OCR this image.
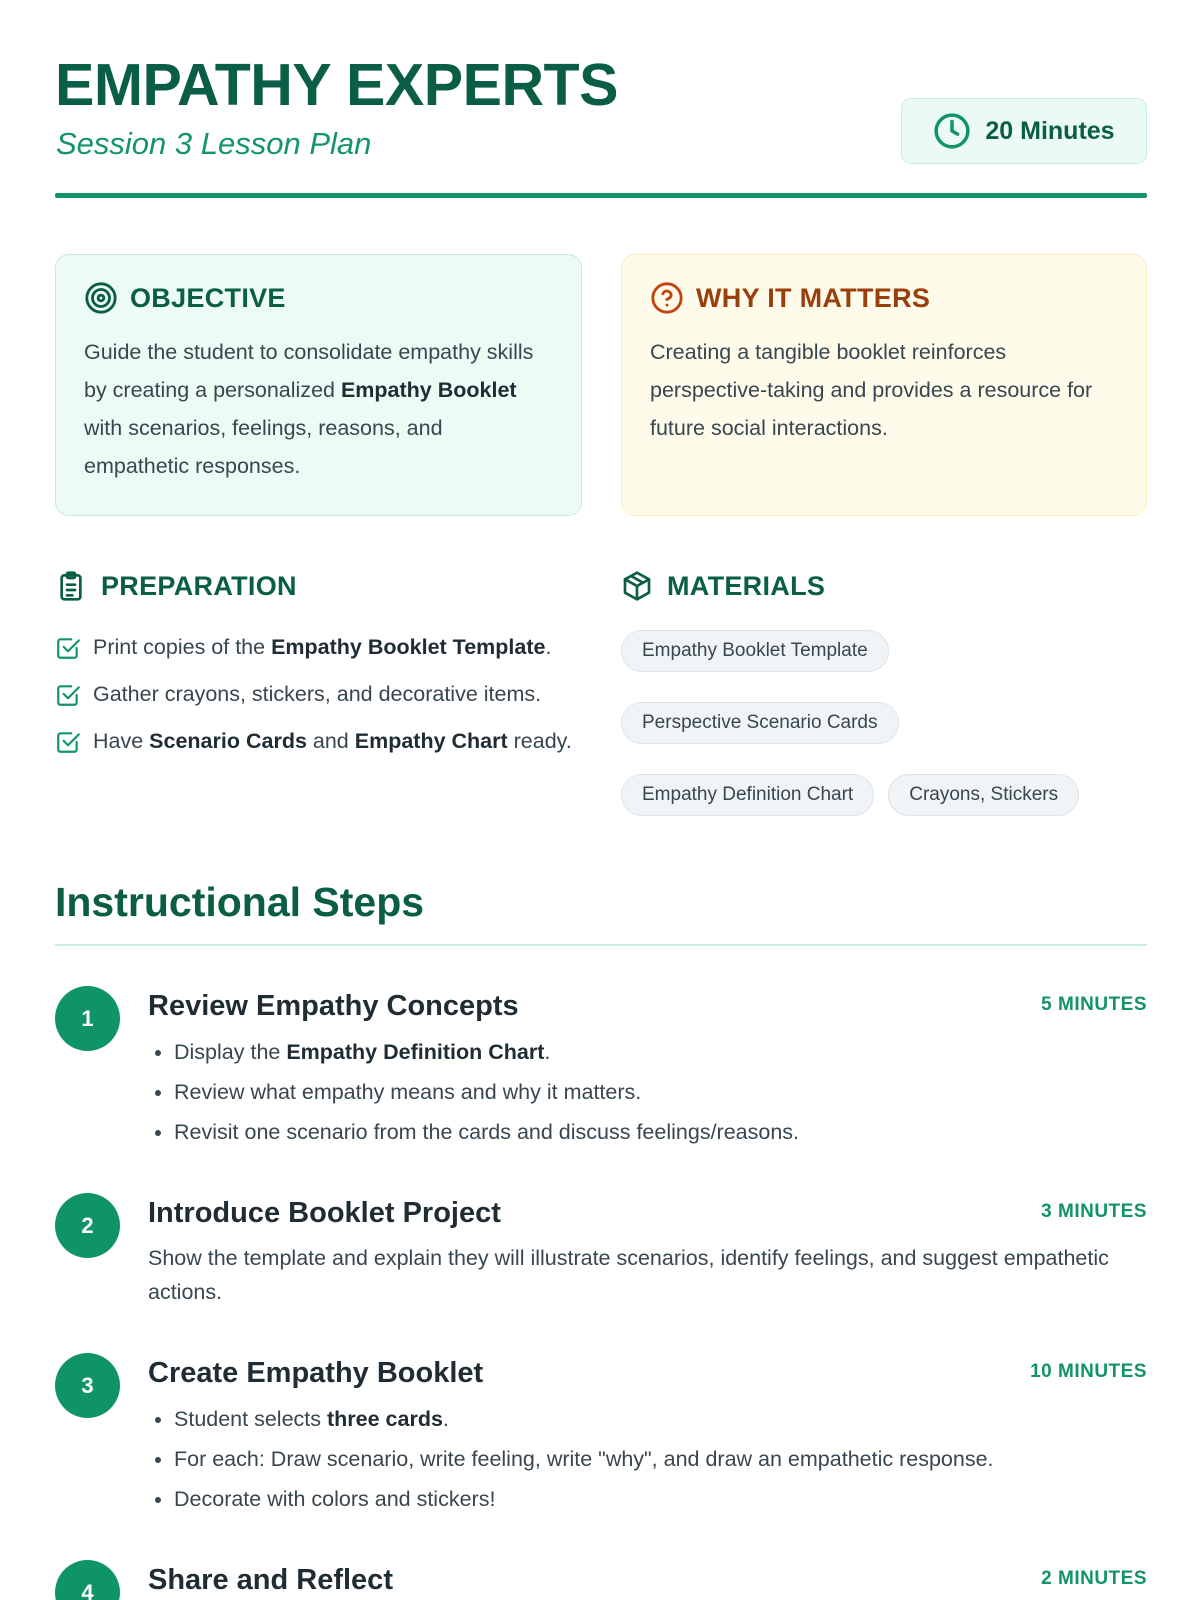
EMPATHY EXPERTS

Session 3 Lesson Plan	20 Minutes
OBJECTIVE

Guide the student to consolidate empathy skills by creating a personalized Empathy Booklet with scenarios, feelings, reasons, and empathetic responses.

WHY IT MATTERS

Creating a tangible booklet reinforces perspective-taking and provides a resource for future social interactions.

PREPARATION
Print copies of the Empathy Booklet Template.
Gather crayons, stickers, and decorative items.
Have Scenario Cards and Empathy Chart ready.
MATERIALS
Empathy Booklet Template
Perspective Scenario Cards
Empathy Definition Chart	Crayons, Stickers
Instructional Steps
1	Review Empathy Concepts	5 MINUTES
• Display the Empathy Definition Chart.
• Review what empathy means and why it matters.
• Revisit one scenario from the cards and discuss feelings/reasons.
2	Introduce Booklet Project	3 MINUTES

Show the template and explain they will illustrate scenarios, identify feelings, and suggest empathetic actions.

3	Create Empathy Booklet	10 MINUTES
• Student selects three cards.
• For each: Draw scenario, write feeling, write "why", and draw an empathetic response.
• Decorate with colors and stickers!
4	Share and Reflect	2 MINUTES
